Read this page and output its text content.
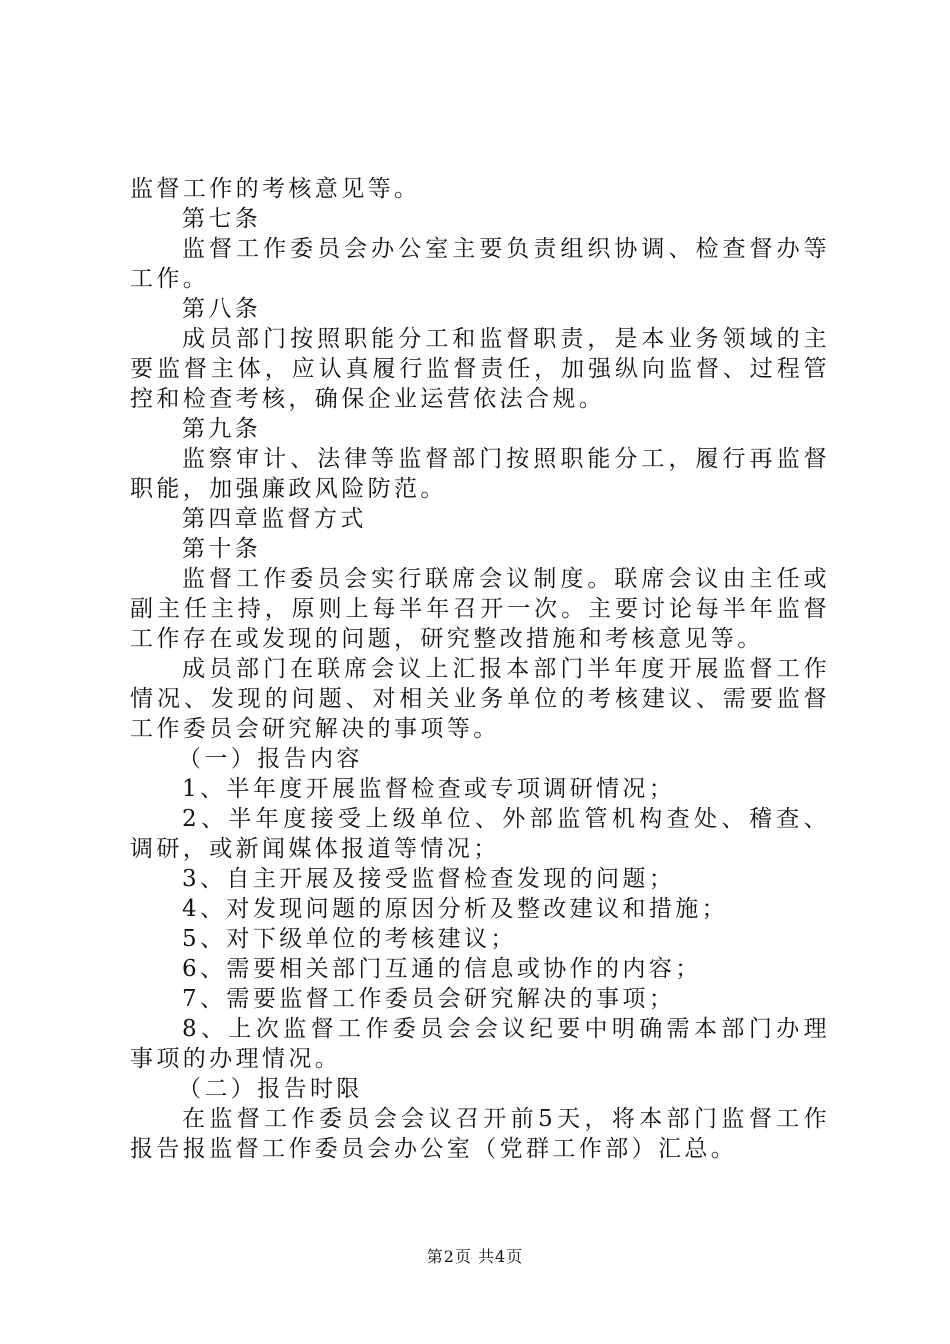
监督工作的考核意见等。

第七条

监督工作委员会办公室主要负责组织协调、检查督办等工作。

第八条

成员部门按照职能分工和监督职责，是本业务领域的主要监督主体，应认真履行监督责任，加强纵向监督、过程管控和检查考核，确保企业运营依法合规。

第九条

监察审计、法律等监督部门按照职能分工，履行再监督职能，加强廉政风险防范。

第四章监督方式

第十条

监督工作委员会实行联席会议制度。联席会议由主任或副主任主持，原则上每半年召开一次。主要讨论每半年监督工作存在或发现的问题，研究整改措施和考核意见等。

成员部门在联席会议上汇报本部门半年度开展监督工作情况、发现的问题、对相关业务单位的考核建议、需要监督工作委员会研究解决的事项等。

（一）报告内容

1、半年度开展监督检查或专项调研情况；

2、半年度接受上级单位、外部监管机构查处、稽查、调研，或新闻媒体报道等情况；

3、自主开展及接受监督检查发现的问题；

4、对发现问题的原因分析及整改建议和措施；

5、对下级单位的考核建议；

6、需要相关部门互通的信息或协作的内容；

7、需要监督工作委员会研究解决的事项；

8、上次监督工作委员会会议纪要中明确需本部门办理事项的办理情况。

（二）报告时限

在监督工作委员会会议召开前5天，将本部门监督工作报告报监督工作委员会办公室（党群工作部）汇总。

第2页 共4页
